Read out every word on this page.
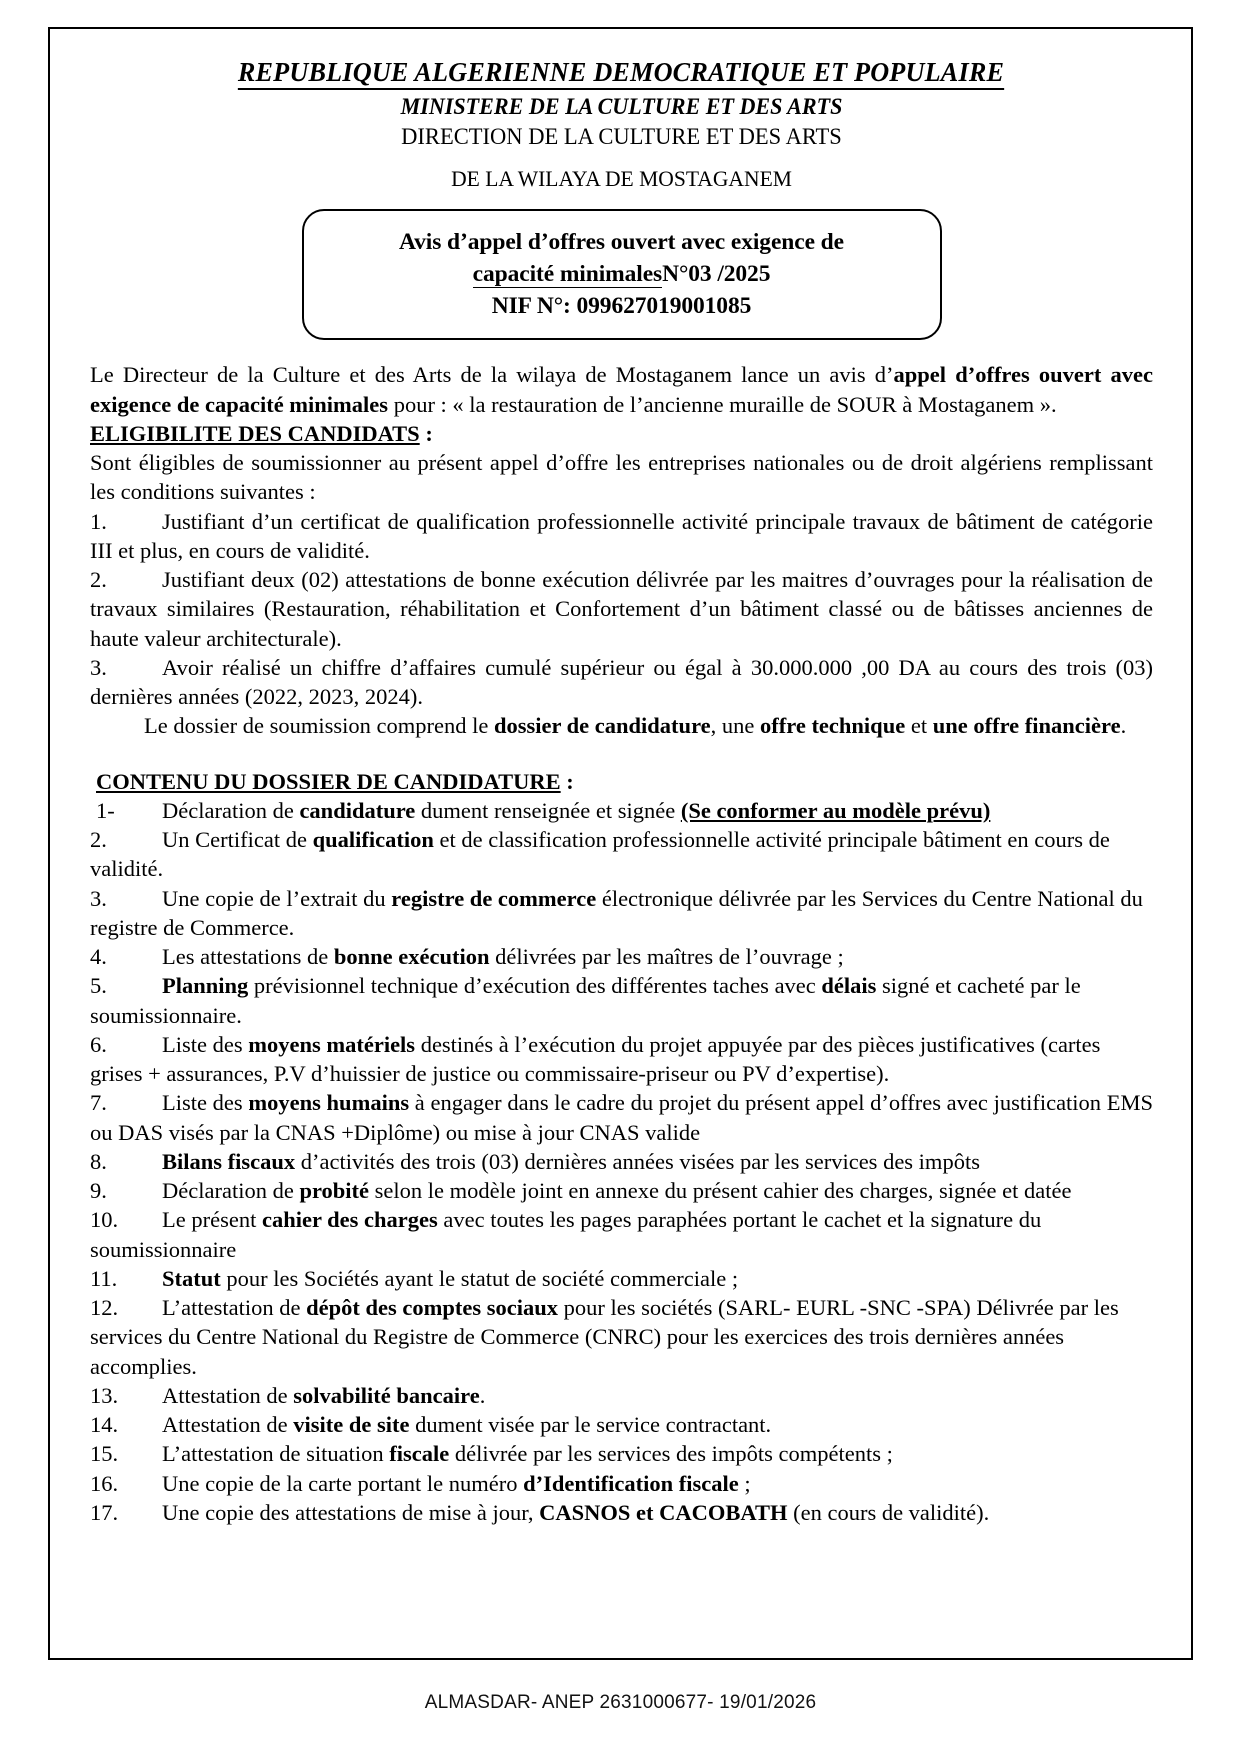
REPUBLIQUE ALGERIENNE DEMOCRATIQUE ET POPULAIRE
MINISTERE DE LA CULTURE ET DES ARTS
DIRECTION DE LA CULTURE ET DES ARTS
DE LA WILAYA DE MOSTAGANEM
Avis d’appel d’offres ouvert avec exigence de
capacité minimalesN°03 /2025
NIF N°: 099627019001085

Le Directeur de la Culture et des Arts de la wilaya de Mostaganem lance un avis d’appel d’offres ouvert avec exigence de capacité minimales pour : « la restauration de l’ancienne muraille de SOUR à Mostaganem ».

ELIGIBILITE DES CANDIDATS :

Sont éligibles de soumissionner au présent appel d’offre les entreprises nationales ou de droit algériens remplissant les conditions suivantes :

1. Justifiant d’un certificat de qualification professionnelle activité principale travaux de bâtiment de catégorie III et plus, en cours de validité.

2. Justifiant deux (02) attestations de bonne exécution délivrée par les maitres d’ouvrages pour la réalisation de travaux similaires (Restauration, réhabilitation et Confortement d’un bâtiment classé ou de bâtisses anciennes de haute valeur architecturale).

3. Avoir réalisé un chiffre d’affaires cumulé supérieur ou égal à 30.000.000 ,00 DA au cours des trois (03) dernières années (2022, 2023, 2024).

Le dossier de soumission comprend le dossier de candidature, une offre technique et une offre financière.

CONTENU DU DOSSIER DE CANDIDATURE :

1- Déclaration de candidature dument renseignée et signée (Se conformer au modèle prévu)

2. Un Certificat de qualification et de classification professionnelle activité principale bâtiment en cours de validité.

3. Une copie de l’extrait du registre de commerce électronique délivrée par les Services du Centre National du registre de Commerce.

4. Les attestations de bonne exécution délivrées par les maîtres de l’ouvrage ;

5. Planning prévisionnel technique d’exécution des différentes taches avec délais signé et cacheté par le soumissionnaire.

6. Liste des moyens matériels destinés à l’exécution du projet appuyée par des pièces justificatives (cartes grises + assurances, P.V d’huissier de justice ou commissaire-priseur ou PV d’expertise).

7. Liste des moyens humains à engager dans le cadre du projet du présent appel d’offres avec justification EMS ou DAS visés par la CNAS +Diplôme) ou mise à jour CNAS valide

8. Bilans fiscaux d’activités des trois (03) dernières années visées par les services des impôts

9. Déclaration de probité selon le modèle joint en annexe du présent cahier des charges, signée et datée

10. Le présent cahier des charges avec toutes les pages paraphées portant le cachet et la signature du soumissionnaire

11. Statut pour les Sociétés ayant le statut de société commerciale ;

12. L’attestation de dépôt des comptes sociaux pour les sociétés (SARL- EURL -SNC -SPA) Délivrée par les services du Centre National du Registre de Commerce (CNRC) pour les exercices des trois dernières années accomplies.

13. Attestation de solvabilité bancaire.

14. Attestation de visite de site dument visée par le service contractant.

15. L’attestation de situation fiscale délivrée par les services des impôts compétents ;

16. Une copie de la carte portant le numéro d’Identification fiscale ;

17. Une copie des attestations de mise à jour, CASNOS et CACOBATH (en cours de validité).

ALMASDAR- ANEP 2631000677- 19/01/2026
